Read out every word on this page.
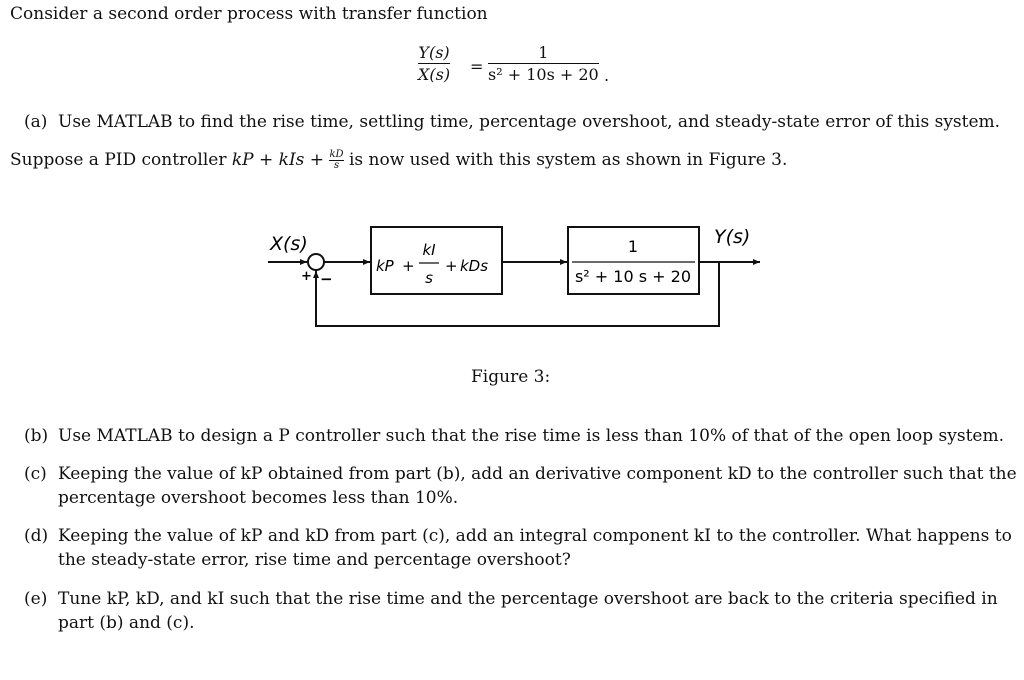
Consider a second order process with transfer function
Y(s)
X(s) =
1
s² + 10s + 20 .
(a) Use MATLAB to find the rise time, settling time, percentage overshoot, and steady-state error of this system.
Suppose a PID controller kP + kIs + $\frac{kD}{s}$ is now used with this system as shown in Figure 3.
X(s)	Y(s)
+ −
kP +
kI
s
+ kDs
1
s² + 10 s + 20
Figure 3:
(b) Use MATLAB to design a P controller such that the rise time is less than 10% of that of the open loop system.
(c) Keeping the value of kP obtained from part (b), add an derivative component kD to the controller such that the
percentage overshoot becomes less than 10%.
(d) Keeping the value of kP and kD from part (c), add an integral component kI to the controller. What happens to
the steady-state error, rise time and percentage overshoot?
(e) Tune kP, kD, and kI such that the rise time and the percentage overshoot are back to the criteria specified in
part (b) and (c).
